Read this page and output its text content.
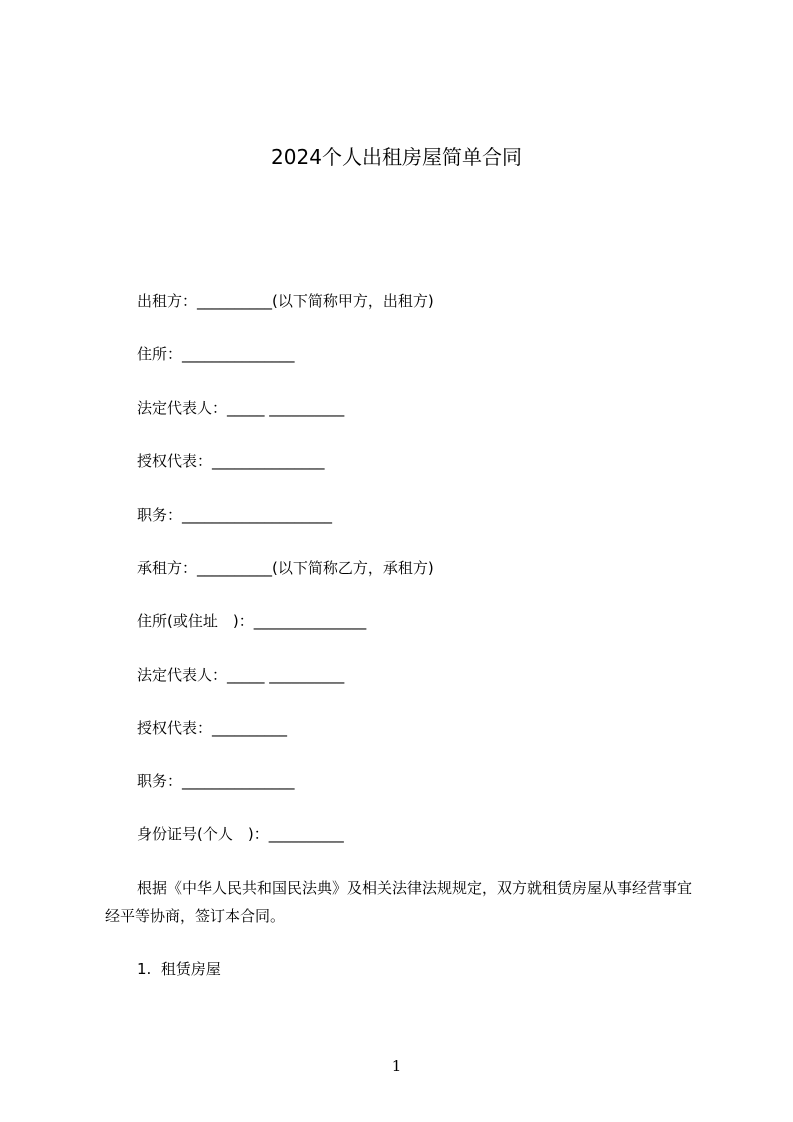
2024个人出租房屋简单合同
出租方：__________(以下简称甲方，出租方)
住所：_______________
法定代表人：_____ __________
授权代表：_______________
职务：____________________
承租方：__________(以下简称乙方，承租方)
住所(或住址　)：_______________
法定代表人：_____ __________
授权代表：__________
职务：_______________
身份证号(个人　)：__________
根据《中华人民共和国民法典》及相关法律法规规定，双方就租赁房屋从事经营事宜经平等协商，签订本合同。
1.  租赁房屋
1
